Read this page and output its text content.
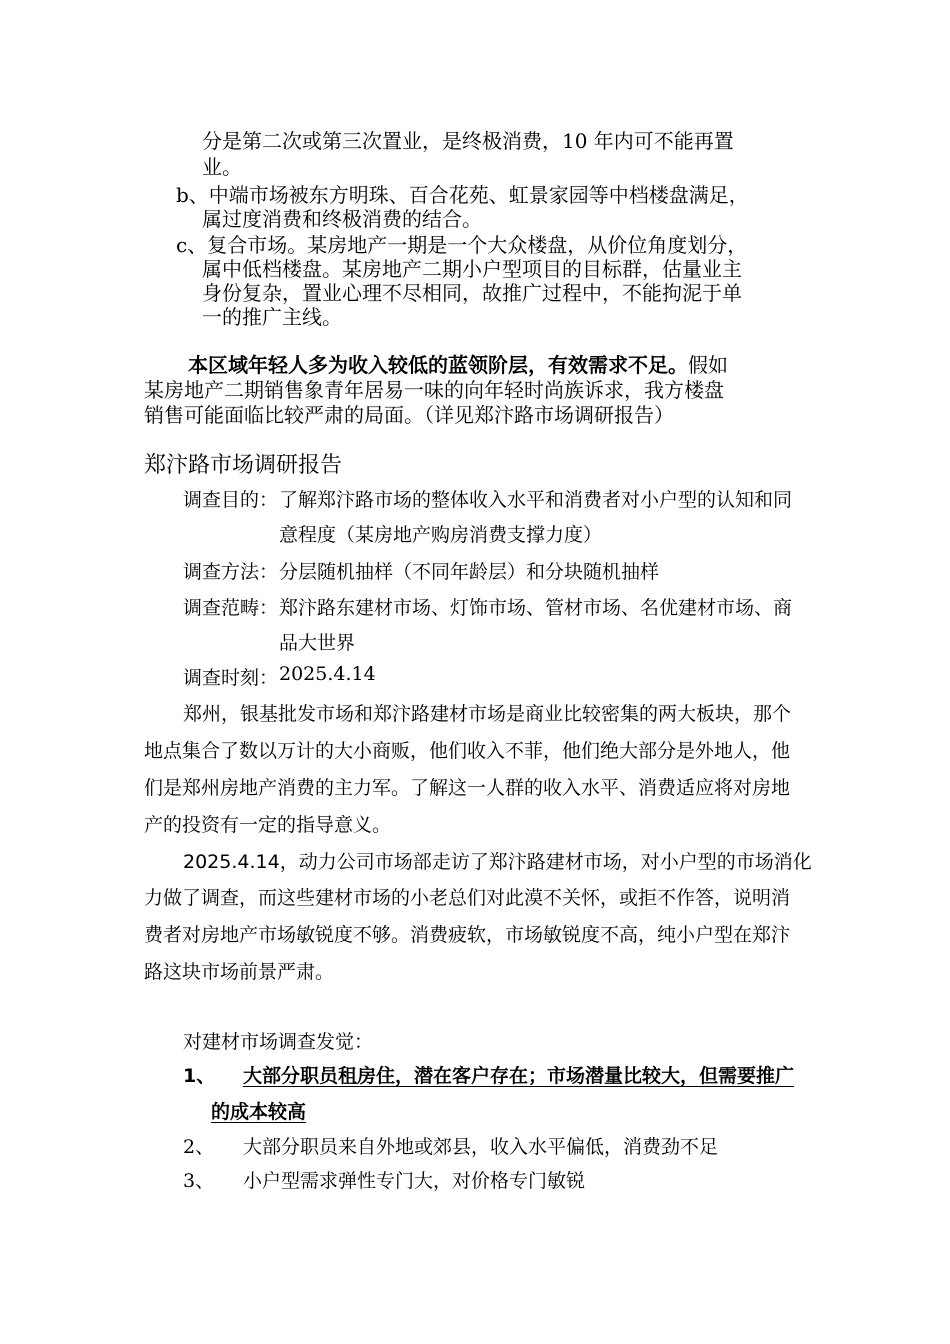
分是第二次或第三次置业，是终极消费，10 年内可不能再置
业。
b、中端市场被东方明珠、百合花苑、虹景家园等中档楼盘满足，
属过度消费和终极消费的结合。
c、复合市场。某房地产一期是一个大众楼盘，从价位角度划分，
属中低档楼盘。某房地产二期小户型项目的目标群，估量业主
身份复杂，置业心理不尽相同，故推广过程中，不能拘泥于单
一的推广主线。
本区域年轻人多为收入较低的蓝领阶层，有效需求不足。假如
某房地产二期销售象青年居易一味的向年轻时尚族诉求，我方楼盘
销售可能面临比较严肃的局面。（详见郑汴路市场调研报告）
郑汴路市场调研报告
调查目的： 了解郑汴路市场的整体收入水平和消费者对小户型的认知和同
意程度（某房地产购房消费支撑力度）
调查方法： 分层随机抽样（不同年龄层）和分块随机抽样
调查范畴： 郑汴路东建材市场、灯饰市场、管材市场、名优建材市场、商
品大世界
调查时刻： 2025.4.14
郑州，银基批发市场和郑汴路建材市场是商业比较密集的两大板块，那个
地点集合了数以万计的大小商贩，他们收入不菲，他们绝大部分是外地人，他
们是郑州房地产消费的主力军。了解这一人群的收入水平、消费适应将对房地
产的投资有一定的指导意义。
2025.4.14，动力公司市场部走访了郑汴路建材市场，对小户型的市场消化
力做了调查，而这些建材市场的小老总们对此漠不关怀，或拒不作答，说明消
费者对房地产市场敏锐度不够。消费疲软，市场敏锐度不高，纯小户型在郑汴
路这块市场前景严肃。
对建材市场调查发觉：
1、 大部分职员租房住，潜在客户存在；市场潜量比较大，但需要推广
的成本较高
2、 大部分职员来自外地或郊县，收入水平偏低，消费劲不足
3、 小户型需求弹性专门大，对价格专门敏锐
